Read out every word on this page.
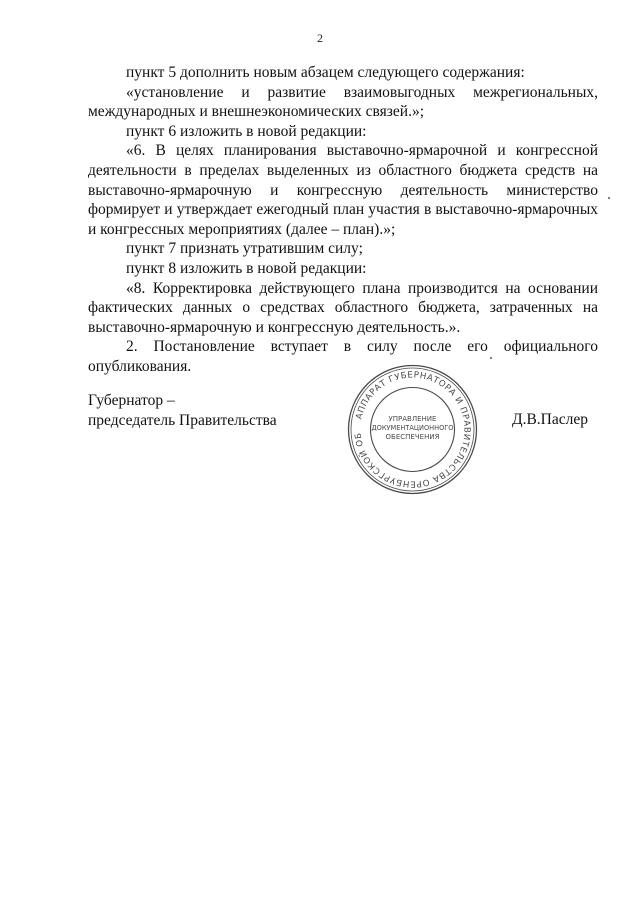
2

пункт 5 дополнить новым абзацем следующего содержания:

«установление и развитие взаимовыгодных межрегиональных, международных и внешнеэкономических связей.»;

пункт 6 изложить в новой редакции:

«6. В целях планирования выставочно-ярмарочной и конгрессной деятельности в пределах выделенных из областного бюджета средств на выставочно-ярмарочную и конгрессную деятельность министерство формирует и утверждает ежегодный план участия в выставочно-ярмарочных и конгрессных мероприятиях (далее – план).»;

пункт 7 признать утратившим силу;

пункт 8 изложить в новой редакции:

«8. Корректировка действующего плана производится на основании фактических данных о средствах областного бюджета, затраченных на выставочно-ярмарочную и конгрессную деятельность.».

2. Постановление вступает в силу после его официального опубликования.

Губернатор –
председатель Правительства	АППАРАТ ГУБЕРНАТОРА И ПРАВИТЕЛЬСТВА ОРЕНБУРГСКОЙ ОБ
УПРАВЛЕНИЕ
ДОКУМЕНТАЦИОННОГО
ОБЕСПЕЧЕНИЯ
Д.В.Паслер
